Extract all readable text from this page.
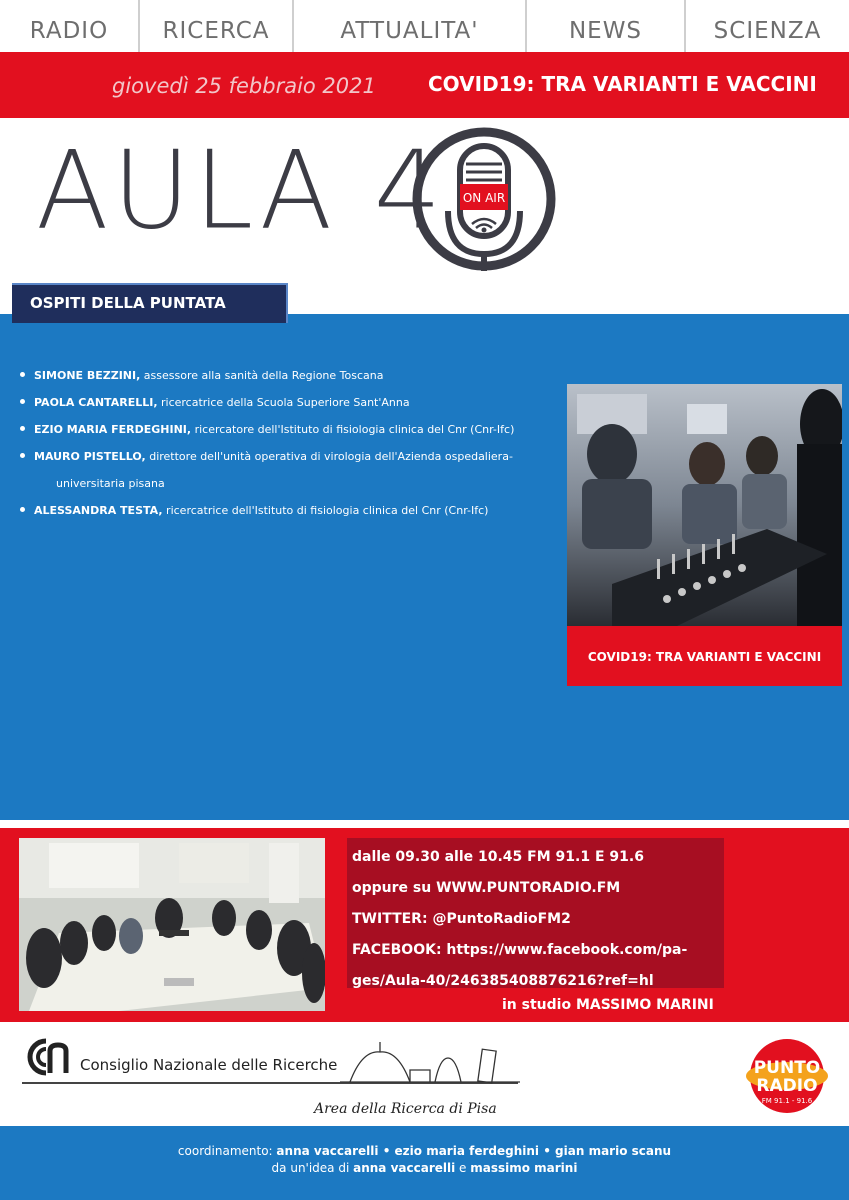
RADIO	RICERCA	ATTUALITA'	NEWS	SCIENZA
giovedì 25 febbraio 2021	COVID19: TRA VARIANTI E VACCINI
AULA 4 ON AIR
OSPITI DELLA PUNTATA
SIMONE BEZZINI, assessore alla sanità della Regione Toscana
PAOLA CANTARELLI, ricercatrice della Scuola Superiore Sant'Anna
EZIO MARIA FERDEGHINI, ricercatore dell'Istituto di fisiologia clinica del Cnr (Cnr-Ifc)
MAURO PISTELLO, direttore dell'unità operativa di virologia dell'Azienda ospedaliera-
universitaria pisana
ALESSANDRA TESTA, ricercatrice dell'Istituto di fisiologia clinica del Cnr (Cnr-Ifc)
COVID19: TRA VARIANTI E VACCINI
dalle 09.30 alle 10.45 FM 91.1 E 91.6
oppure su WWW.PUNTORADIO.FM
TWITTER: @PuntoRadioFM2
FACEBOOK: https://www.facebook.com/pa-
ges/Aula-40/246385408876216?ref=hl
in studio MASSIMO MARINI
Consiglio Nazionale delle Ricerche
Area della Ricerca di Pisa
PUNTO
RADIO
FM 91.1 - 91.6
coordinamento: anna vaccarelli • ezio maria ferdeghini • gian mario scanu
da un'idea di anna vaccarelli e massimo marini
